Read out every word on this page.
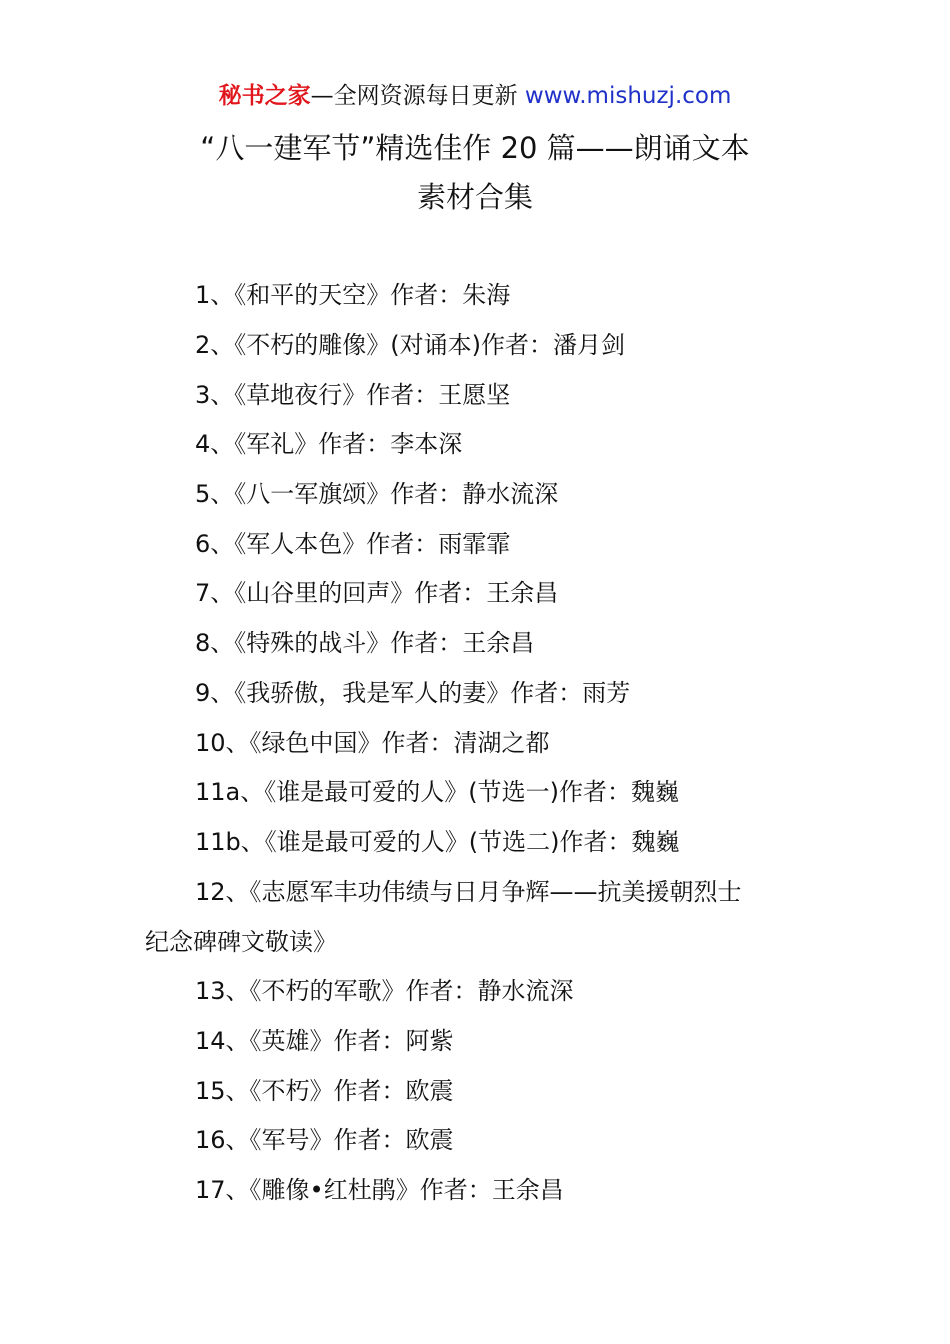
秘书之家—全网资源每日更新 www.mishuzj.com
“八一建军节”精选佳作 20 篇——朗诵文本
素材合集
1、《和平的天空》作者：朱海
2、《不朽的雕像》(对诵本)作者：潘月剑
3、《草地夜行》作者：王愿坚
4、《军礼》作者：李本深
5、《八一军旗颂》作者：静水流深
6、《军人本色》作者：雨霏霏
7、《山谷里的回声》作者：王余昌
8、《特殊的战斗》作者：王余昌
9、《我骄傲，我是军人的妻》作者：雨芳
10、《绿色中国》作者：清湖之都
11a、《谁是最可爱的人》(节选一)作者：魏巍
11b、《谁是最可爱的人》(节选二)作者：魏巍
12、《志愿军丰功伟绩与日月争辉——抗美援朝烈士
纪念碑碑文敬读》
13、《不朽的军歌》作者：静水流深
14、《英雄》作者：阿紫
15、《不朽》作者：欧震
16、《军号》作者：欧震
17、《雕像•红杜鹃》作者：王余昌
